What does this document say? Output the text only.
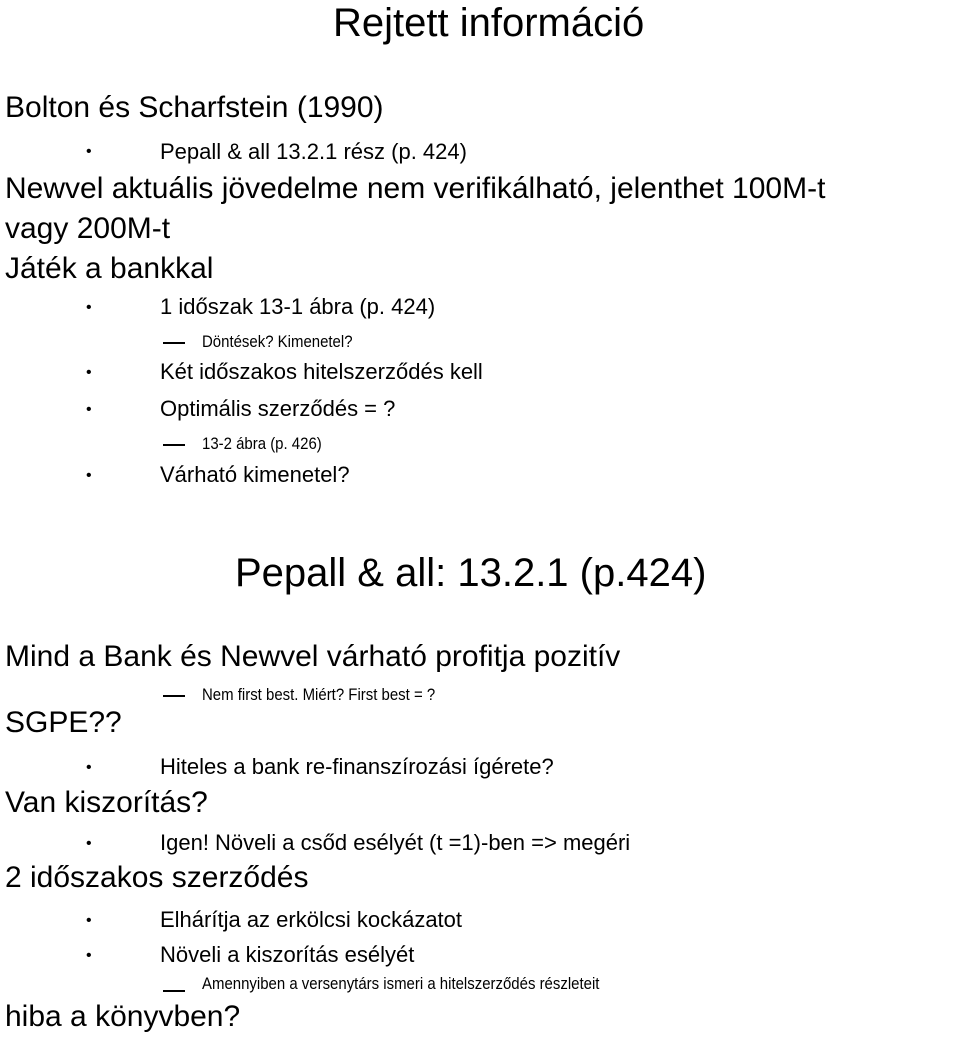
Rejtett információ
Bolton és Scharfstein (1990)
•	Pepall & all 13.2.1 rész (p. 424)
Newvel aktuális jövedelme nem verifikálható, jelenthet 100M-t
vagy 200M-t
Játék a bankkal
•	1 időszak 13-1 ábra (p. 424)
Döntések? Kimenetel?
•	Két időszakos hitelszerződés kell
•	Optimális szerződés = ?
13-2 ábra (p. 426)
•	Várható kimenetel?
Pepall & all: 13.2.1 (p.424)
Mind a Bank és Newvel várható profitja pozitív
Nem first best. Miért? First best = ?
SGPE??
•	Hiteles a bank re-finanszírozási ígérete?
Van kiszorítás?
•	Igen! Növeli a csőd esélyét (t =1)-ben => megéri
2 időszakos szerződés
•	Elhárítja az erkölcsi kockázatot
•	Növeli a kiszorítás esélyét
Amennyiben a versenytárs ismeri a hitelszerződés részleteit
hiba a könyvben?
